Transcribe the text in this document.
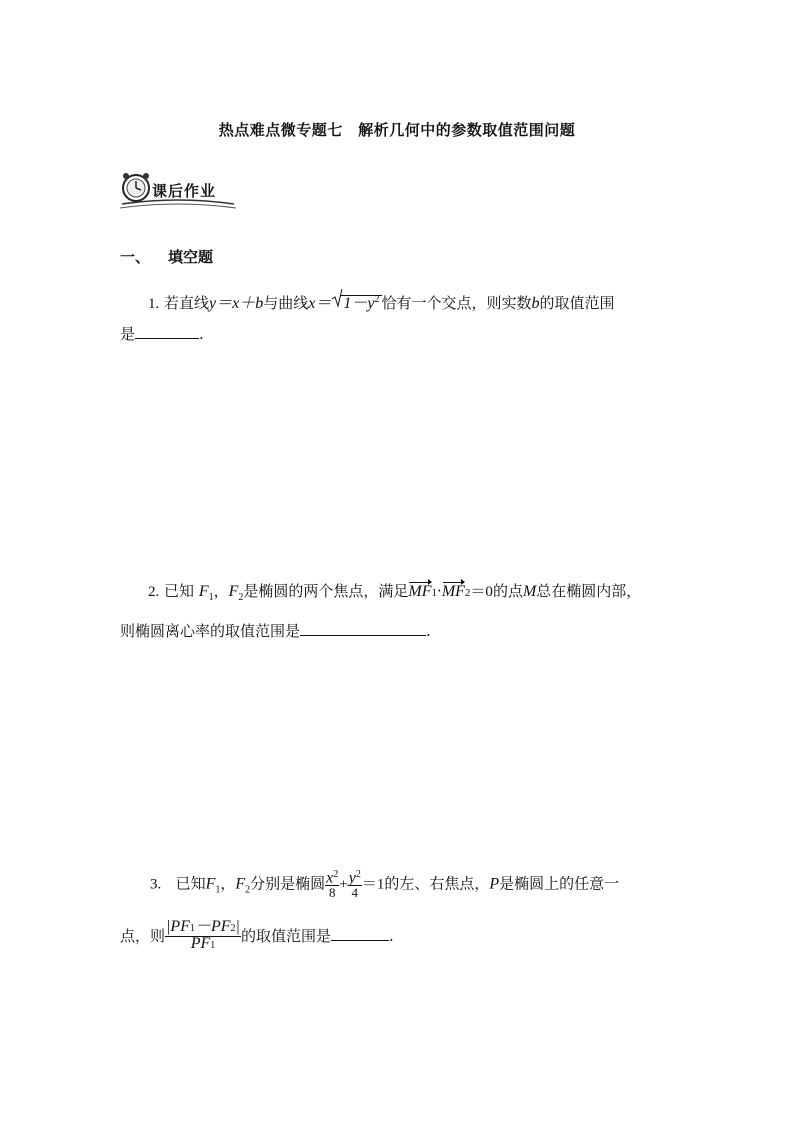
热点难点微专题七　解析几何中的参数取值范围问题
课后作业
一、 填空题
1. 若直线y＝x＋b与曲线$x= 1-y^2$ 恰有一个交点，则实数b的取值范围
是	.
2. 已知 $F_1$，$F_2$是椭圆的两个焦点，满足MF1·MF2＝0的点M总在椭圆内部，
则椭圆离心率的取值范围是	.
3. 已知$F_1$，$F_2$分别是椭圆 $\frac{x^2}{8} + \frac{y^2}{4} =1$的左、右焦点，P是椭圆上的任意一
点，则 $\frac{|PF1-PF2|}{PF1}$ 的取值范围是	.
